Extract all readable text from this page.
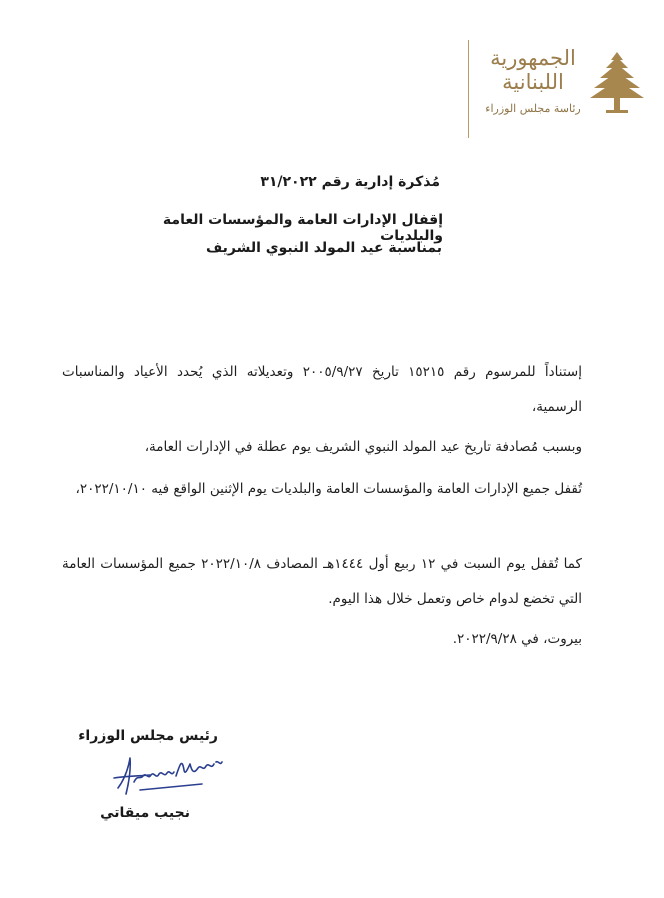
الجمهورية
اللبنانية
رئاسة مجلس الوزراء
مُذكرة إدارية رقم ٣١/٢٠٢٢
إقفال الإدارات العامة والمؤسسات العامة والبلديات
بمناسبة عيد المولد النبوي الشريف
إستناداً للمرسوم رقم ١٥٢١٥ تاريخ ٢٠٠٥/٩/٢٧ وتعديلاته الذي يُحدد الأعياد والمناسبات الرسمية،
وبسبب مُصادفة تاريخ عيد المولد النبوي الشريف يوم عطلة في الإدارات العامة،
تُقفل جميع الإدارات العامة والمؤسسات العامة والبلديات يوم الإثنين الواقع فيه ٢٠٢٢/١٠/١٠،
كما تُقفل يوم السبت في ١٢ ربيع أول ١٤٤٤هـ المصادف ٢٠٢٢/١٠/٨ جميع المؤسسات العامة التي تخضع لدوام خاص وتعمل خلال هذا اليوم.
بيروت، في ٢٠٢٢/٩/٢٨.
رئيس مجلس الوزراء
نجيب ميقاتي
